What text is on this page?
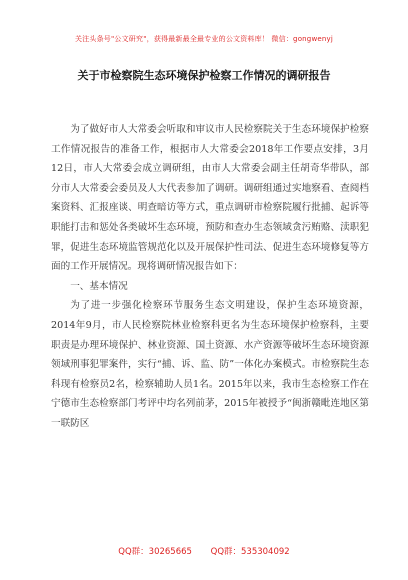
关注头条号"公文研究"，获得最新最全最专业的公文资料库！ 微信：gongwenyj
关于市检察院生态环境保护检察工作情况的调研报告

为了做好市人大常委会听取和审议市人民检察院关于生态环境保护检察工作情况报告的准备工作，根据市人大常委会2018年工作要点安排，3月12日，市人大常委会成立调研组，由市人大常委会副主任胡奇华带队，部分市人大常委会委员及人大代表参加了调研。调研组通过实地察看、查阅档案资料、汇报座谈、明查暗访等方式，重点调研市检察院履行批捕、起诉等职能打击和惩处各类破坏生态环境，预防和查办生态领域贪污贿赂、渎职犯罪，促进生态环境监管规范化以及开展保护性司法、促进生态环境修复等方面的工作开展情况。现将调研情况报告如下：

一、基本情况

为了进一步强化检察环节服务生态文明建设，保护生态环境资源，2014年9月，市人民检察院林业检察科更名为生态环境保护检察科，主要职责是办理环境保护、林业资源、国土资源、水产资源等破坏生态环境资源领域刑事犯罪案件，实行“捕、诉、监、防”一体化办案模式。市检察院生态科现有检察员2名，检察辅助人员1名。2015年以来，我市生态检察工作在宁德市生态检察部门考评中均名列前茅，2015年被授予“闽浙赣毗连地区第一联防区

QQ群：30265665 QQ群：535304092
